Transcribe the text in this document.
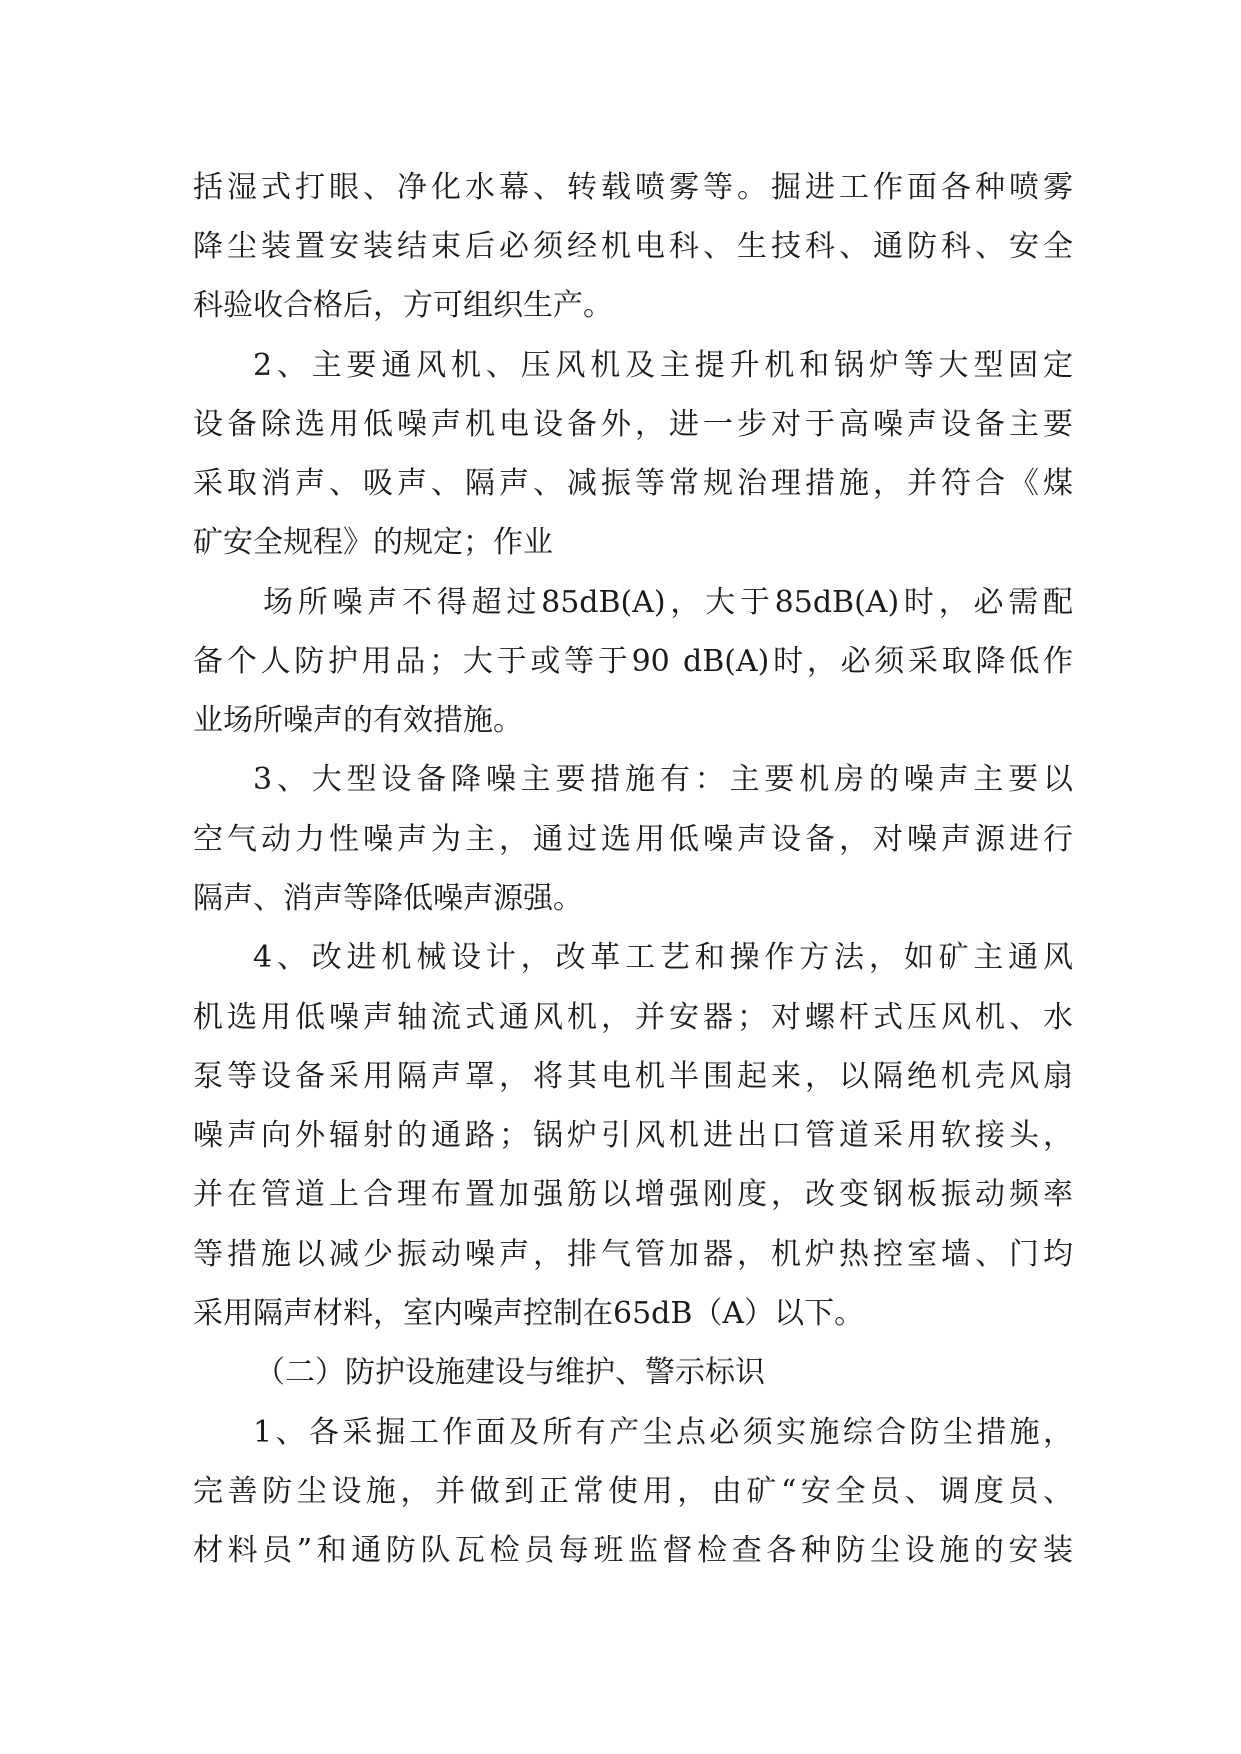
括湿式打眼、净化水幕、转载喷雾等。掘进工作面各种喷雾
降尘装置安装结束后必须经机电科、生技科、通防科、安全
科验收合格后，方可组织生产。
2、主要通风机、压风机及主提升机和锅炉等大型固定
设备除选用低噪声机电设备外，进一步对于高噪声设备主要
采取消声、吸声、隔声、减振等常规治理措施，并符合《煤
矿安全规程》的规定；作业
场所噪声不得超过85dB(A)，大于85dB(A)时，必需配
备个人防护用品；大于或等于90 dB(A)时，必须采取降低作
业场所噪声的有效措施。
3、大型设备降噪主要措施有：主要机房的噪声主要以
空气动力性噪声为主，通过选用低噪声设备，对噪声源进行
隔声、消声等降低噪声源强。
4、改进机械设计，改革工艺和操作方法，如矿主通风
机选用低噪声轴流式通风机，并安器；对螺杆式压风机、水
泵等设备采用隔声罩，将其电机半围起来，以隔绝机壳风扇
噪声向外辐射的通路；锅炉引风机进出口管道采用软接头，
并在管道上合理布置加强筋以增强刚度，改变钢板振动频率
等措施以减少振动噪声，排气管加器，机炉热控室墙、门均
采用隔声材料，室内噪声控制在65dB（A）以下。
（二）防护设施建设与维护、警示标识
1、各采掘工作面及所有产尘点必须实施综合防尘措施，
完善防尘设施，并做到正常使用，由矿“安全员、调度员、
材料员”和通防队瓦检员每班监督检查各种防尘设施的安装
